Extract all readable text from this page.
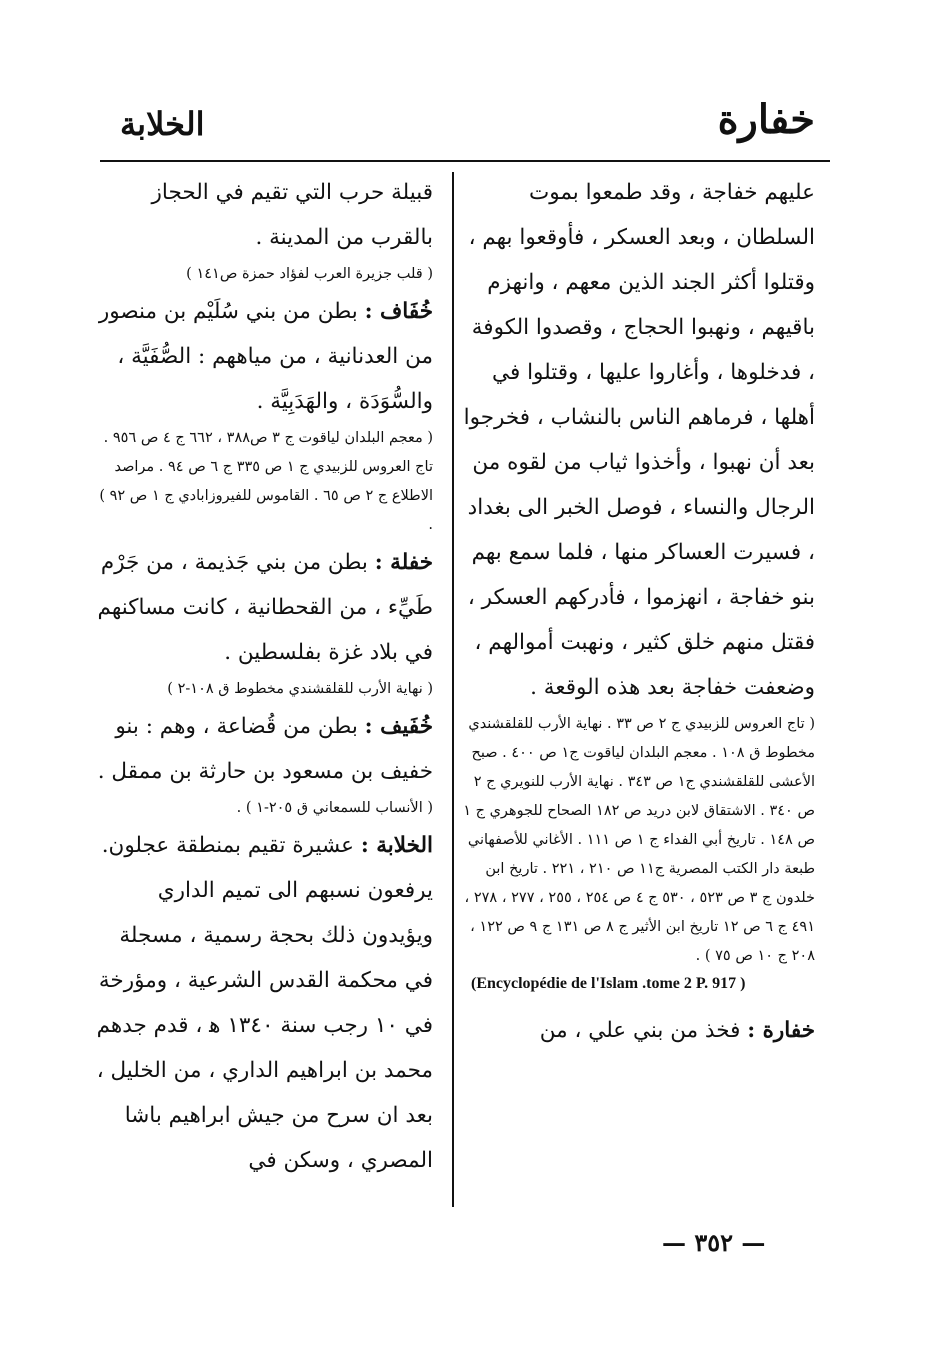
خفارة
الخلابة

عليهم خفاجة ، وقد طمعوا بموت السلطان ، وبعد العسكر ، فأوقعوا بهم ، وقتلوا أكثر الجند الذين معهم ، وانهزم باقيهم ، ونهبوا الحجاج ، وقصدوا الكوفة ، فدخلوها ، وأغاروا عليها ، وقتلوا في أهلها ، فرماهم الناس بالنشاب ، فخرجوا بعد أن نهبوا ، وأخذوا ثياب من لقوه من الرجال والنساء ، فوصل الخبر الى بغداد ، فسيرت العساكر منها ، فلما سمع بهم بنو خفاجة ، انهزموا ، فأدركهم العسكر ، فقتل منهم خلق كثير ، ونهبت أموالهم ، وضعفت خفاجة بعد هذه الوقعة .

( تاج العروس للزبيدي ج ٢ ص ٣٣ . نهاية الأرب للقلقشندي مخطوط ق ١٠٨ . معجم البلدان لياقوت ج١ ص ٤٠٠ . صبح الأعشى للقلقشندي ج١ ص ٣٤٣ . نهاية الأرب للنويري ج ٢ ص ٣٤٠ . الاشتقاق لابن دريد ص ١٨٢ الصحاح للجوهري ج ١ ص ١٤٨ . تاريخ أبي الفداء ج ١ ص ١١١ . الأغاني للأصفهاني طبعة دار الكتب المصرية ج١١ ص ٢١٠ ، ٢٢١ . تاريخ ابن خلدون ج ٣ ص ٥٢٣ ، ٥٣٠ ج ٤ ص ٢٥٤ ، ٢٥٥ ، ٢٧٧ ، ٢٧٨ ، ٤٩١ ج ٦ ص ١٢ تاريخ ابن الأثير ج ٨ ص ١٣١ ج ٩ ص ١٢٢ ، ٢٠٨ ج ١٠ ص ٧٥ ) .

(Encyclopédie de l'Islam .tome 2 P. 917 )

خفارة : فخذ من بني علي ، من

قبيلة حرب التي تقيم في الحجاز بالقرب من المدينة .

( قلب جزيرة العرب لفؤاد حمزة ص١٤١ )

خُفَاف : بطن من بني سُلَيْم بن منصور من العدنانية ، من مياههم : الصُّفَيَّة ، والسُّوَدَة ، والهَدَبِيَّة .

( معجم البلدان لياقوت ج ٣ ص٣٨٨ ، ٦٦٢ ج ٤ ص ٩٥٦ . تاج العروس للزبيدي ج ١ ص ٣٣٥ ج ٦ ص ٩٤ . مراصد الاطلاع ج ٢ ص ٦٥ . القاموس للفيروزابادي ج ١ ص ٩٢ ) .

خفلة : بطن من بني جَذيمة ، من جَرْم طَيِّء ، من القحطانية ، كانت مساكنهم في بلاد غزة بفلسطين .

( نهاية الأرب للقلقشندي مخطوط ق ١٠٨-٢ )

خُفَيف : بطن من قُضاعة ، وهم : بنو خفيف بن مسعود بن حارثة بن ممقل .

( الأنساب للسمعاني ق ٢٠٥-١ ) .

الخلابة : عشيرة تقيم بمنطقة عجلون. يرفعون نسبهم الى تميم الداري ويؤيدون ذلك بحجة رسمية ، مسجلة في محكمة القدس الشرعية ، ومؤرخة في ١٠ رجب سنة ١٣٤٠ ﻫ ، قدم جدهم محمد بن ابراهيم الداري ، من الخليل ، بعد ان سرح من جيش ابراهيم باشا المصري ، وسكن في

— ٣٥٢ —
